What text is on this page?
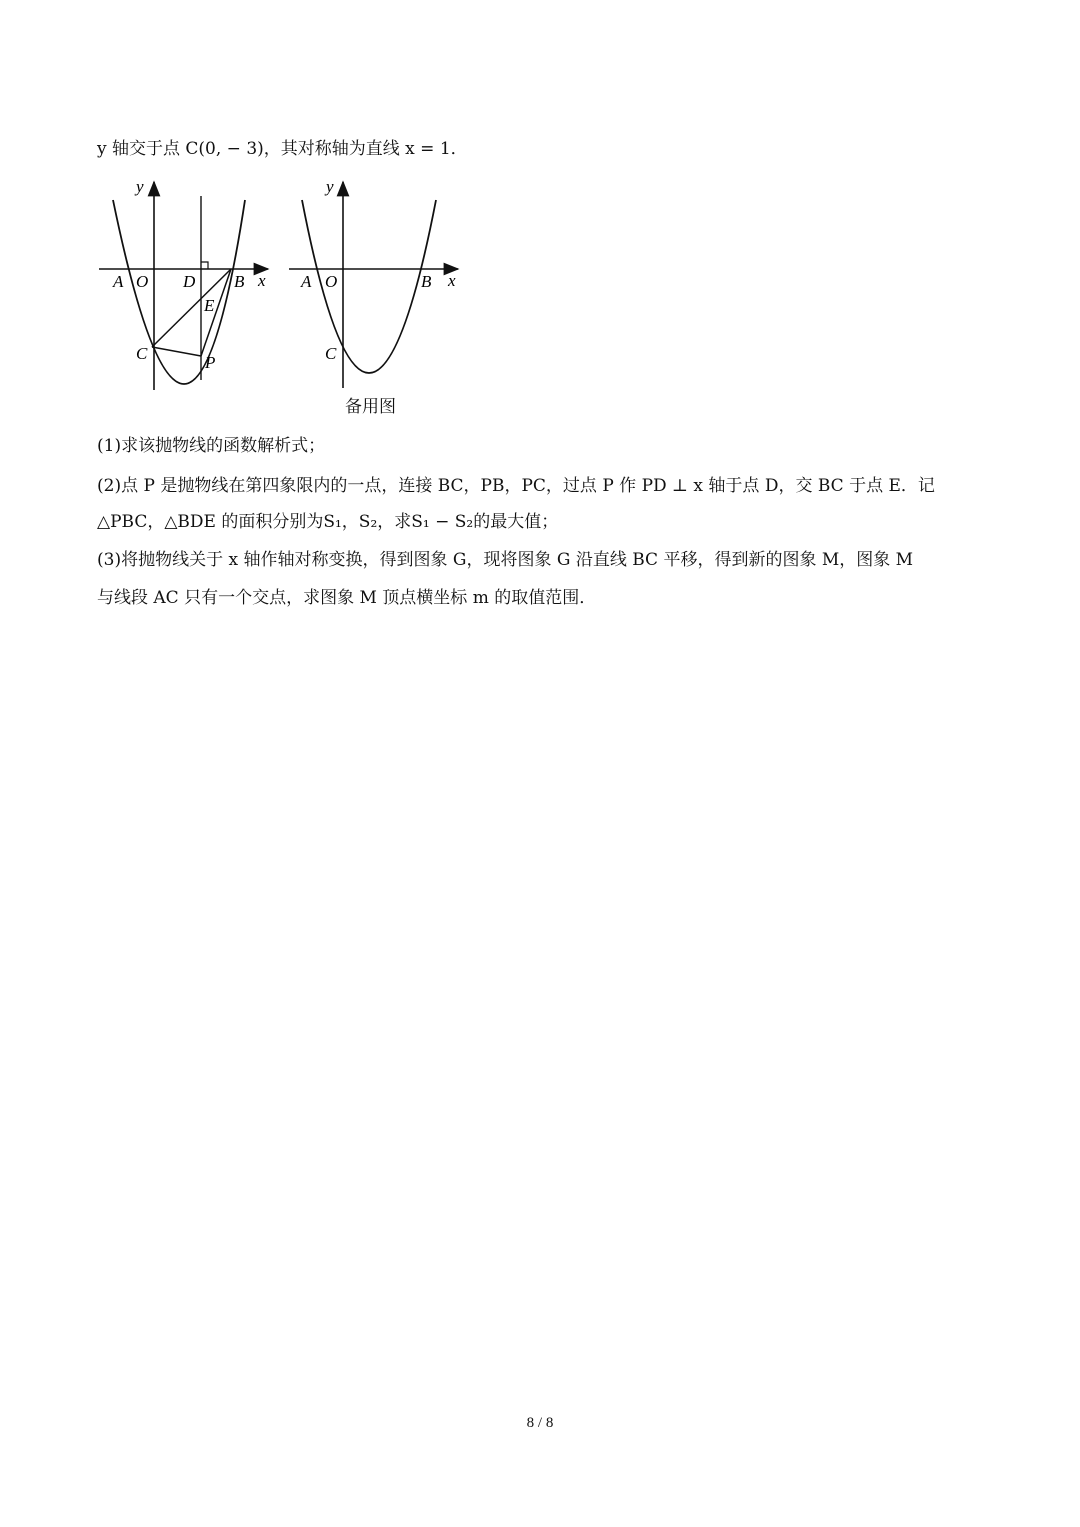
y 轴交于点 C(0, − 3)，其对称轴为直线 x = 1．
y
x
A O D B
E
C	P
y
x
A O	B
C
备用图
(1)求该抛物线的函数解析式；
(2)点 P 是抛物线在第四象限内的一点，连接 BC，PB，PC，过点 P 作 PD ⊥ x 轴于点 D，交 BC 于点 E．记
△PBC，△BDE 的面积分别为S₁，S₂，求S₁ − S₂的最大值；
(3)将抛物线关于 x 轴作轴对称变换，得到图象 G，现将图象 G 沿直线 BC 平移，得到新的图象 M，图象 M
与线段 AC 只有一个交点，求图象 M 顶点横坐标 m 的取值范围．
8 / 8
